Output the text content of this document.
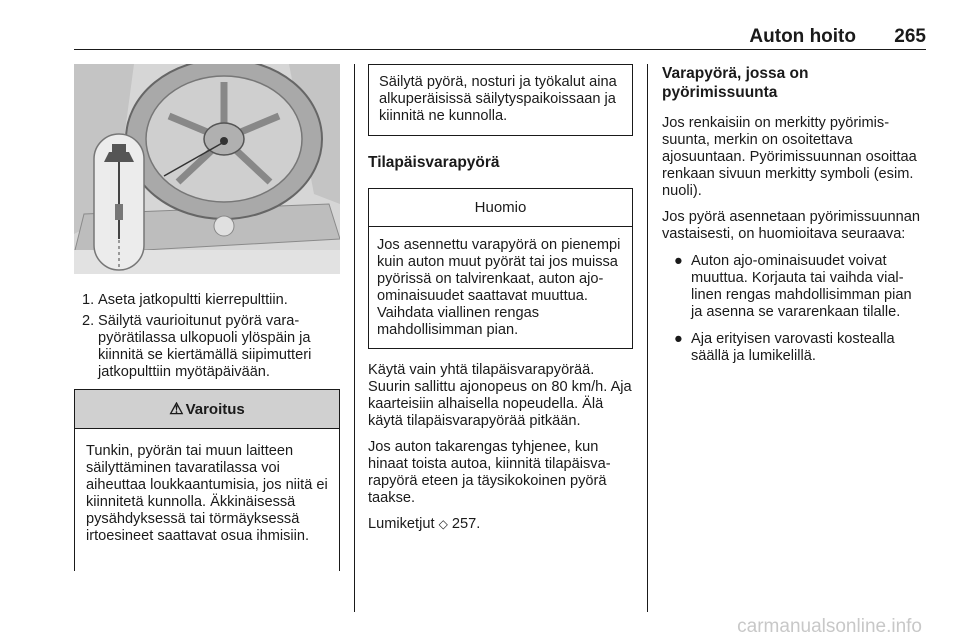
Auton hoito 265
1. Aseta jatkopultti kierrepulttiin.
2. Säilytä vaurioitunut pyörä varapyörätilassa ulkopuoli ylöspäin ja kiinnitä se kiertämällä siipimutteri jatkopulttiin myötäpäivään.
⚠ Varoitus

Tunkin, pyörän tai muun laitteen säilyttäminen tavaratilassa voi aiheuttaa loukkaantumisia, jos niitä ei kiinnitetä kunnolla. Äkkinäisessä pysähdyksessä tai törmäyksessä irtoesineet saattavat osua ihmisiin.

Säilytä pyörä, nosturi ja työkalut aina alkuperäisissä säilytyspaikoissaan ja kiinnitä ne kunnolla.

Tilapäisvarapyörä
Huomio

Jos asennettu varapyörä on pienempi kuin auton muut pyörät tai jos muissa pyörissä on talvirenkaat, auton ajo-ominaisuudet saattavat muuttua. Vaihdata viallinen rengas mahdollisimman pian.

Käytä vain yhtä tilapäisvarapyörää. Suurin sallittu ajonopeus on 80 km/h. Aja kaarteisiin alhaisella nopeudella. Älä käytä tilapäisvarapyörää pitkään.

Jos auton takarengas tyhjenee, kun hinaat toista autoa, kiinnitä tilapäisvarapyörä eteen ja täysikokoinen pyörä taakse.

Lumiketjut ◇ 257.

Varapyörä, jossa on pyörimissuunta

Jos renkaisiin on merkitty pyörimissuunta, merkin on osoitettava ajosuuntaan. Pyörimissuunnan osoittaa renkaan sivuun merkitty symboli (esim. nuoli).

Jos pyörä asennetaan pyörimissuunnan vastaisesti, on huomioitava seuraava:

● Auton ajo-ominaisuudet voivat muuttua. Korjauta tai vaihda viallinen rengas mahdollisimman pian ja asenna se vararenkaan tilalle.
● Aja erityisen varovasti kostealla säällä ja lumikelillä.
carmanualsonline.info
